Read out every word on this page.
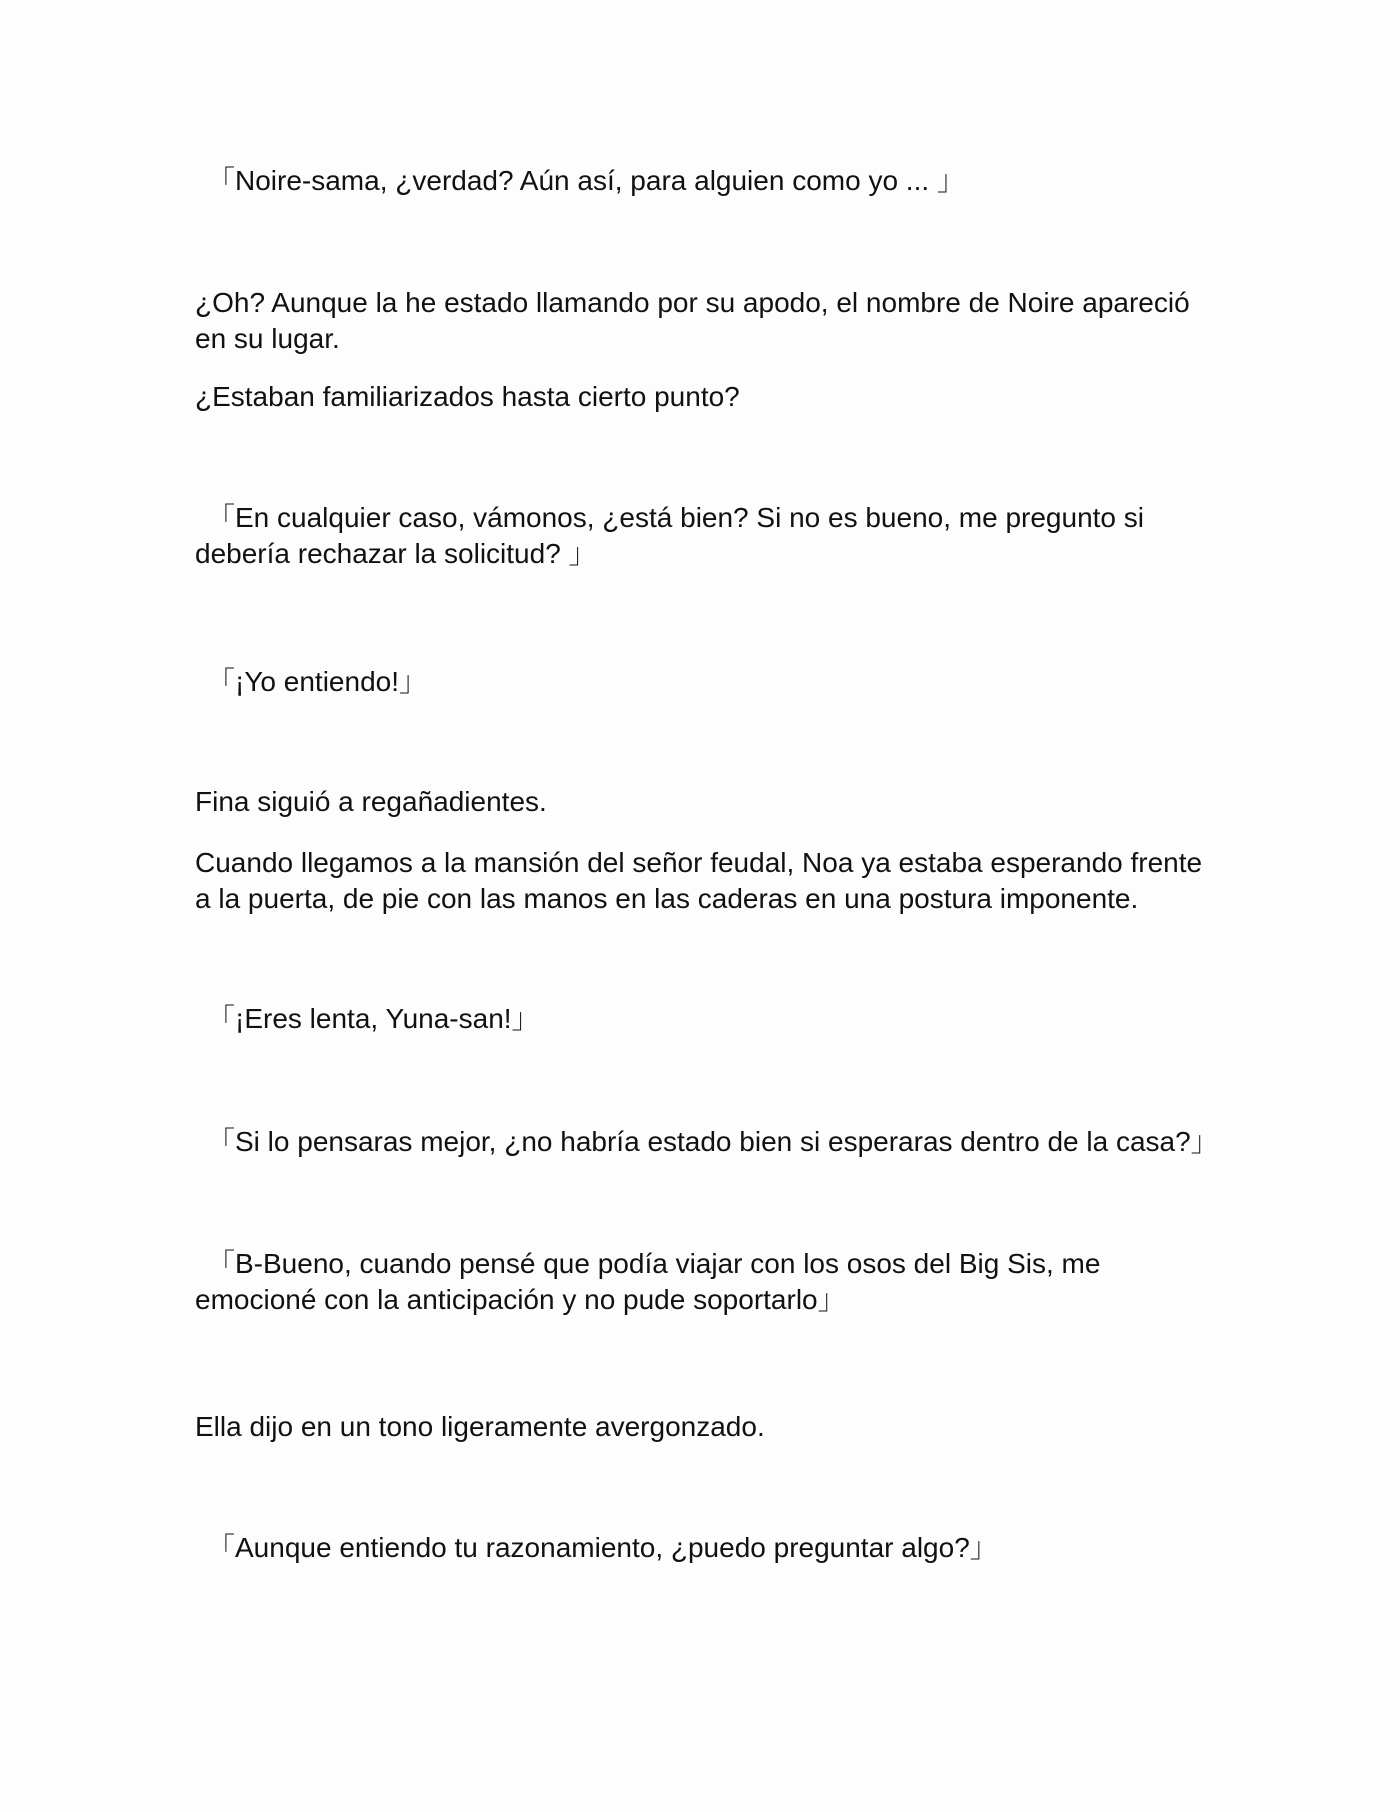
「Noire-sama, ¿verdad? Aún así, para alguien como yo ... 」

¿Oh? Aunque la he estado llamando por su apodo, el nombre de Noire apareció en su lugar.

¿Estaban familiarizados hasta cierto punto?

「En cualquier caso, vámonos, ¿está bien? Si no es bueno, me pregunto si debería rechazar la solicitud? 」

「¡Yo entiendo!」

Fina siguió a regañadientes.

Cuando llegamos a la mansión del señor feudal, Noa ya estaba esperando frente a la puerta, de pie con las manos en las caderas en una postura imponente.

「¡Eres lenta, Yuna-san!」

「Si lo pensaras mejor, ¿no habría estado bien si esperaras dentro de la casa?」

「B-Bueno, cuando pensé que podía viajar con los osos del Big Sis, me emocioné con la anticipación y no pude soportarlo」

Ella dijo en un tono ligeramente avergonzado.

「Aunque entiendo tu razonamiento, ¿puedo preguntar algo?」
